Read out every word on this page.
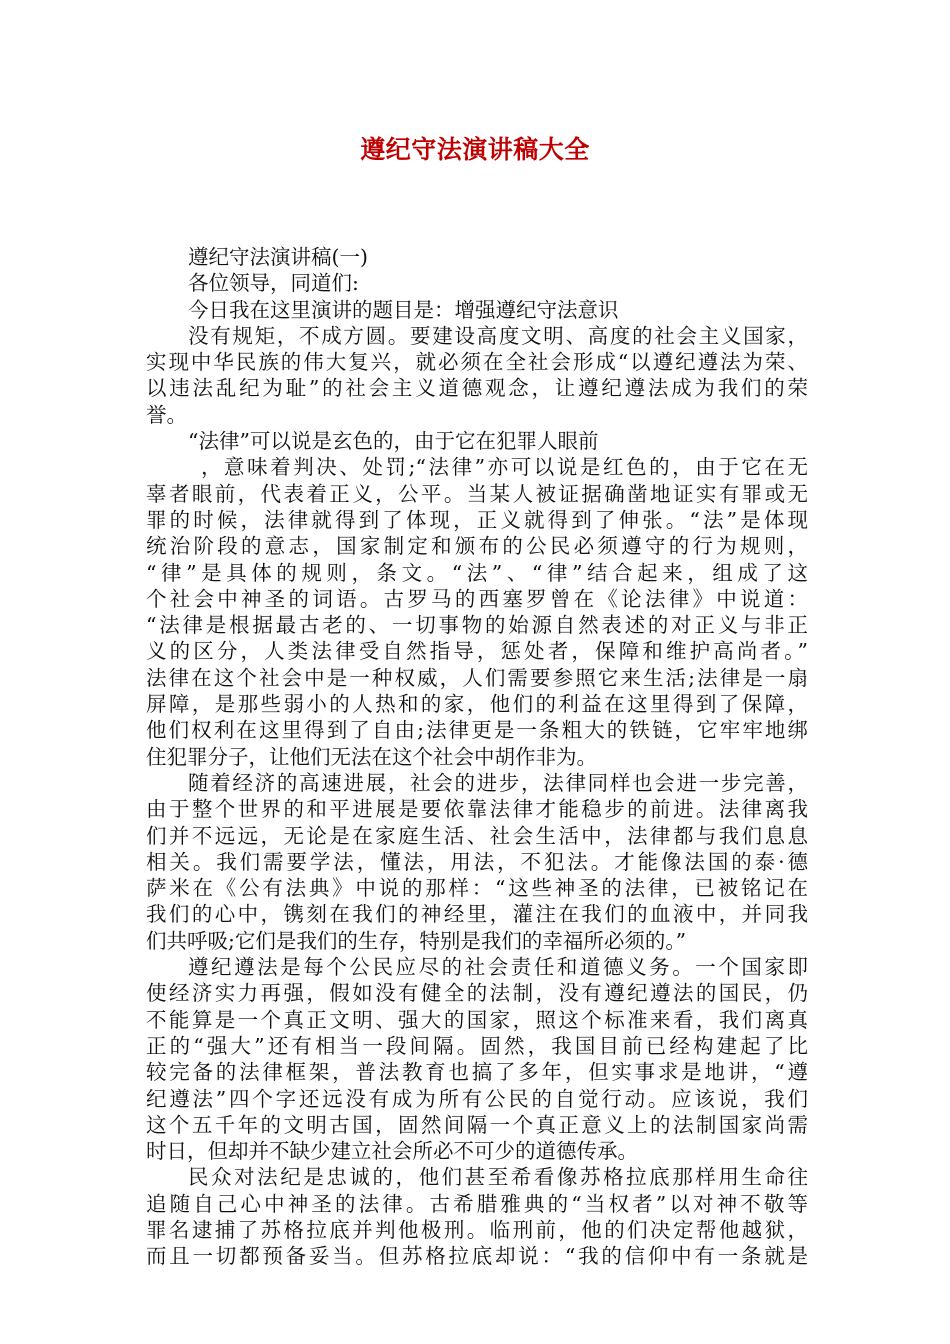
遵纪守法演讲稿大全
遵纪守法演讲稿(一)
各位领导，同道们:
今日我在这里演讲的题目是：增强遵纪守法意识
没有规矩，不成方圆。要建设高度文明、高度的社会主义国家，
实现中华民族的伟大复兴，就必须在全社会形成“以遵纪遵法为荣、
以违法乱纪为耻”的社会主义道德观念，让遵纪遵法成为我们的荣
誉。
“法律”可以说是玄色的，由于它在犯罪人眼前
，意味着判决、处罚;“法律”亦可以说是红色的，由于它在无
辜者眼前，代表着正义，公平。当某人被证据确凿地证实有罪或无
罪的时候，法律就得到了体现，正义就得到了伸张。“法”是体现
统治阶段的意志，国家制定和颁布的公民必须遵守的行为规则，
“律”是具体的规则，条文。“法”、“律”结合起来，组成了这
个社会中神圣的词语。古罗马的西塞罗曾在《论法律》中说道：
“法律是根据最古老的、一切事物的始源自然表述的对正义与非正
义的区分，人类法律受自然指导，惩处者，保障和维护高尚者。”
法律在这个社会中是一种权威，人们需要参照它来生活;法律是一扇
屏障，是那些弱小的人热和的家，他们的利益在这里得到了保障，
他们权利在这里得到了自由;法律更是一条粗大的铁链，它牢牢地绑
住犯罪分子，让他们无法在这个社会中胡作非为。
随着经济的高速进展，社会的进步，法律同样也会进一步完善，
由于整个世界的和平进展是要依靠法律才能稳步的前进。法律离我
们并不远远，无论是在家庭生活、社会生活中，法律都与我们息息
相关。我们需要学法，懂法，用法，不犯法。才能像法国的泰·德
萨米在《公有法典》中说的那样：“这些神圣的法律，已被铭记在
我们的心中，镌刻在我们的神经里，灌注在我们的血液中，并同我
们共呼吸;它们是我们的生存，特别是我们的幸福所必须的。”
遵纪遵法是每个公民应尽的社会责任和道德义务。一个国家即
使经济实力再强，假如没有健全的法制，没有遵纪遵法的国民，仍
不能算是一个真正文明、强大的国家，照这个标准来看，我们离真
正的“强大”还有相当一段间隔。固然，我国目前已经构建起了比
较完备的法律框架，普法教育也搞了多年，但实事求是地讲，“遵
纪遵法”四个字还远没有成为所有公民的自觉行动。应该说，我们
这个五千年的文明古国，固然间隔一个真正意义上的法制国家尚需
时日，但却并不缺少建立社会所必不可少的道德传承。
民众对法纪是忠诚的，他们甚至希看像苏格拉底那样用生命往
追随自己心中神圣的法律。古希腊雅典的“当权者”以对神不敬等
罪名逮捕了苏格拉底并判他极刑。临刑前，他的们决定帮他越狱，
而且一切都预备妥当。但苏格拉底却说：“我的信仰中有一条就是
